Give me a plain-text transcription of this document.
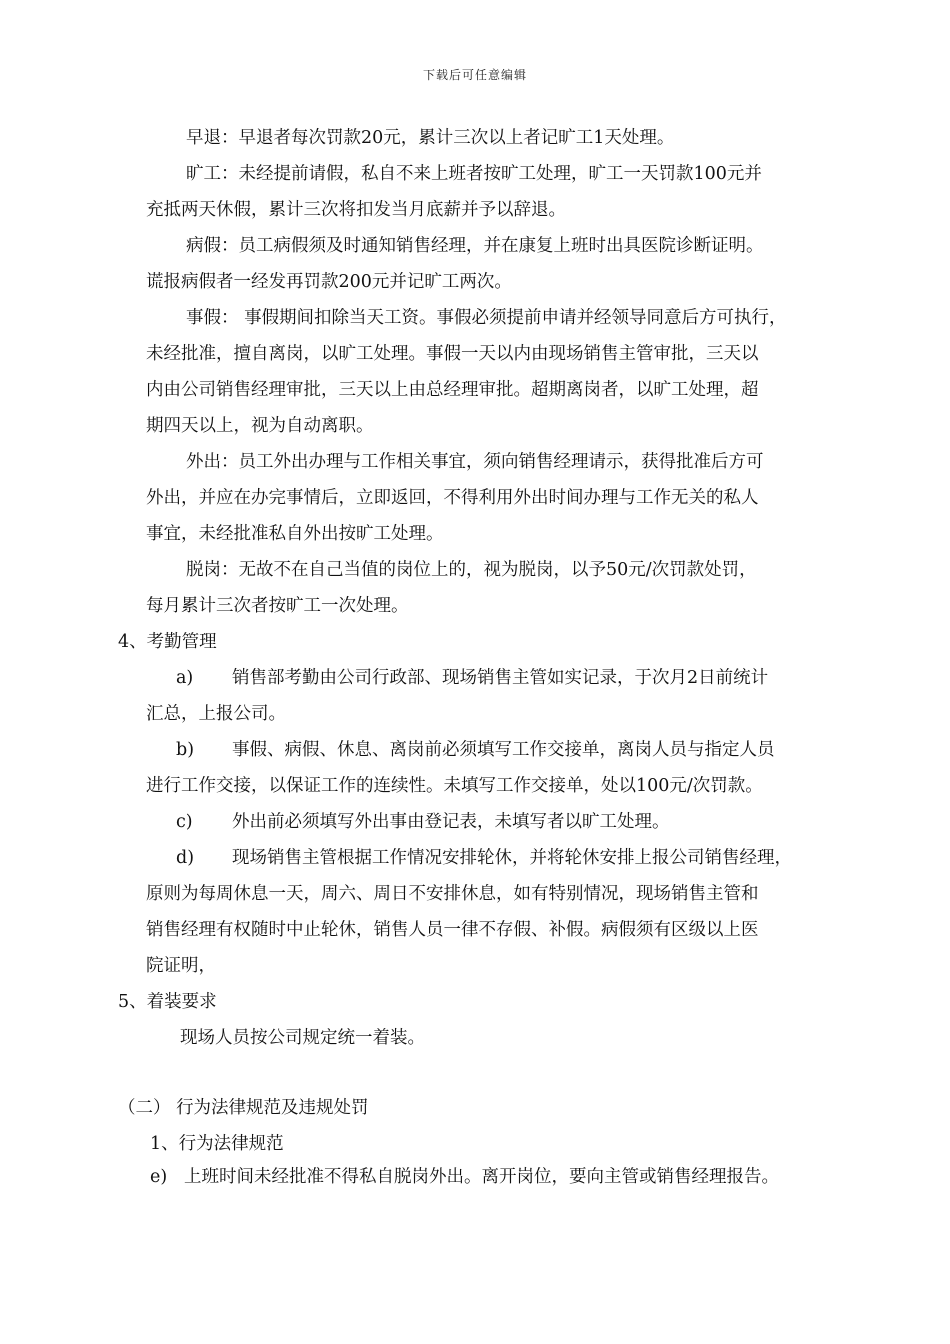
下载后可任意编辑
早退：早退者每次罚款20元，累计三次以上者记旷工1天处理。
旷工：未经提前请假，私自不来上班者按旷工处理，旷工一天罚款100元并
充抵两天休假，累计三次将扣发当月底薪并予以辞退。
病假：员工病假须及时通知销售经理，并在康复上班时出具医院诊断证明。
谎报病假者一经发再罚款200元并记旷工两次。
事假： 事假期间扣除当天工资。事假必须提前申请并经领导同意后方可执行，
未经批准，擅自离岗，以旷工处理。事假一天以内由现场销售主管审批，三天以
内由公司销售经理审批，三天以上由总经理审批。超期离岗者，以旷工处理，超
期四天以上，视为自动离职。
外出：员工外出办理与工作相关事宜，须向销售经理请示，获得批准后方可
外出，并应在办完事情后，立即返回，不得利用外出时间办理与工作无关的私人
事宜，未经批准私自外出按旷工处理。
脱岗：无故不在自己当值的岗位上的，视为脱岗，以予50元/次罚款处罚，
每月累计三次者按旷工一次处理。
4、考勤管理
a) 销售部考勤由公司行政部、现场销售主管如实记录，于次月2日前统计
汇总，上报公司。
b) 事假、病假、休息、离岗前必须填写工作交接单，离岗人员与指定人员
进行工作交接，以保证工作的连续性。未填写工作交接单，处以100元/次罚款。
c) 外出前必须填写外出事由登记表，未填写者以旷工处理。
d) 现场销售主管根据工作情况安排轮休，并将轮休安排上报公司销售经理，
原则为每周休息一天，周六、周日不安排休息，如有特别情况，现场销售主管和
销售经理有权随时中止轮休，销售人员一律不存假、补假。病假须有区级以上医
院证明，
5、着装要求
现场人员按公司规定统一着装。
（二） 行为法律规范及违规处罚
1、行为法律规范
e) 上班时间未经批准不得私自脱岗外出。离开岗位，要向主管或销售经理报告。
